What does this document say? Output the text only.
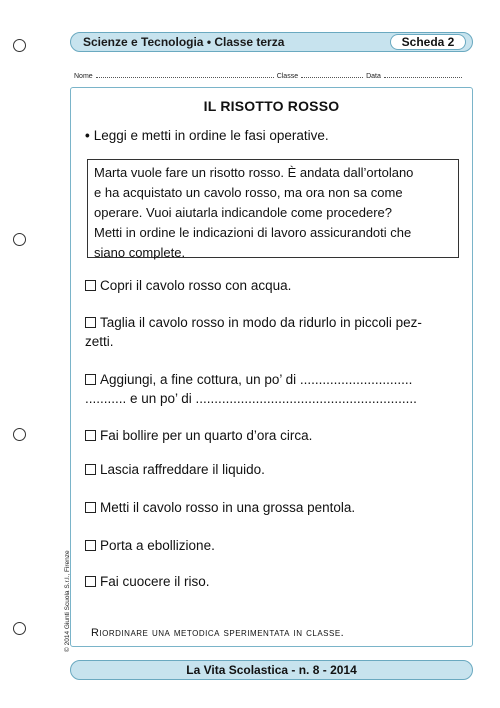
Scienze e Tecnologia • Classe terza	Scheda 2
Nome	Classe	Data
IL RISOTTO ROSSO
• Leggi e metti in ordine le fasi operative.
Marta vuole fare un risotto rosso. È andata dall’ortolano
e ha acquistato un cavolo rosso, ma ora non sa come
operare. Vuoi aiutarla indicandole come procedere?
Metti in ordine le indicazioni di lavoro assicurandoti che
siano complete.
Copri il cavolo rosso con acqua.
Taglia il cavolo rosso in modo da ridurlo in piccoli pez-
zetti.
Aggiungi, a fine cottura, un po’ di ..............................
........... e un po’ di ...........................................................
Fai bollire per un quarto d’ora circa.
Lascia raffreddare il liquido.
Metti il cavolo rosso in una grossa pentola.
Porta a ebollizione.
Fai cuocere il riso.
Riordinare una metodica sperimentata in classe.
© 2014 Giunti Scuola S.r.l., Firenze
La Vita Scolastica - n. 8 - 2014
